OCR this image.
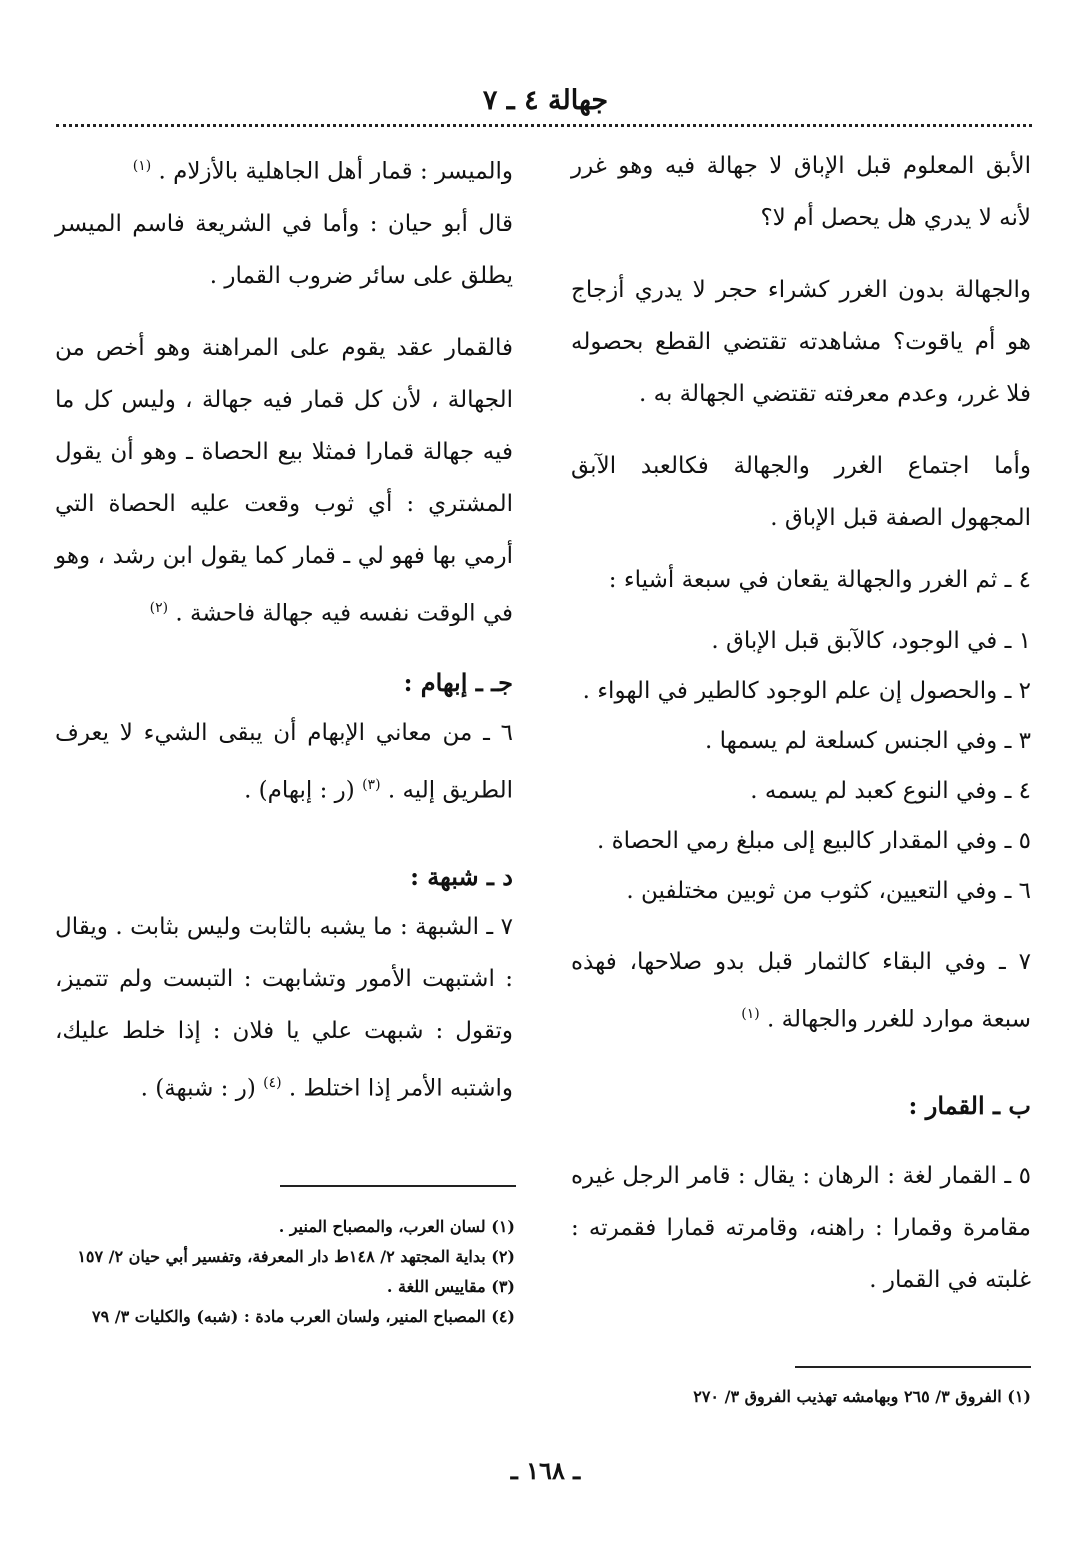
جهالة ٤ ـ ٧

الأبق المعلوم قبل الإباق لا جهالة فيه وهو غرر لأنه لا يدري هل يحصل أم لا؟

والجهالة بدون الغرر كشراء حجر لا يدري أزجاج هو أم ياقوت؟ مشاهدته تقتضي القطع بحصوله فلا غرر، وعدم معرفته تقتضي الجهالة به .

وأما اجتماع الغرر والجهالة فكالعبد الآبق المجهول الصفة قبل الإباق .

٤ ـ ثم الغرر والجهالة يقعان في سبعة أشياء :

١ ـ في الوجود، كالآبق قبل الإباق .

٢ ـ والحصول إن علم الوجود كالطير في الهواء .

٣ ـ وفي الجنس كسلعة لم يسمها .

٤ ـ وفي النوع كعبد لم يسمه .

٥ ـ وفي المقدار كالبيع إلى مبلغ رمي الحصاة .

٦ ـ وفي التعيين، كثوب من ثوبين مختلفين .

٧ ـ وفي البقاء كالثمار قبل بدو صلاحها، فهذه سبعة موارد للغرر والجهالة . $^{(١)}$

ب ـ القمار :

٥ ـ القمار لغة : الرهان : يقال : قامر الرجل غيره مقامرة وقمارا : راهنه، وقامرته قمارا فقمرته : غلبته في القمار .

والميسر : قمار أهل الجاهلية بالأزلام . $^{(١)}$

قال أبو حيان : وأما في الشريعة فاسم الميسر يطلق على سائر ضروب القمار .

فالقمار عقد يقوم على المراهنة وهو أخص من الجهالة ، لأن كل قمار فيه جهالة ، وليس كل ما فيه جهالة قمارا فمثلا بيع الحصاة ـ وهو أن يقول المشتري : أي ثوب وقعت عليه الحصاة التي أرمي بها فهو لي ـ قمار كما يقول ابن رشد ، وهو في الوقت نفسه فيه جهالة فاحشة . $^{(٢)}$

جـ ـ إبهام :

٦ ـ من معاني الإبهام أن يبقى الشيء لا يعرف الطريق إليه . $^{(٣)}$ (ر : إبهام) .

د ـ شبهة :

٧ ـ الشبهة : ما يشبه بالثابت وليس بثابت . ويقال : اشتبهت الأمور وتشابهت : التبست ولم تتميز، وتقول : شبهت علي يا فلان : إذا خلط عليك، واشتبه الأمر إذا اختلط . $^{(٤)}$ (ر : شبهة) .

(١) لسان العرب، والمصباح المنير .

(٢) بداية المجتهد ٢/ ١٤٨ط دار المعرفة، وتفسير أبي حيان ٢/ ١٥٧

(٣) مقاييس اللغة .

(٤) المصباح المنير، ولسان العرب مادة : (شبه) والكليات ٣/ ٧٩

(١) الفروق ٣/ ٢٦٥ وبهامشه تهذيب الفروق ٣/ ٢٧٠

ـ ١٦٨ ـ
